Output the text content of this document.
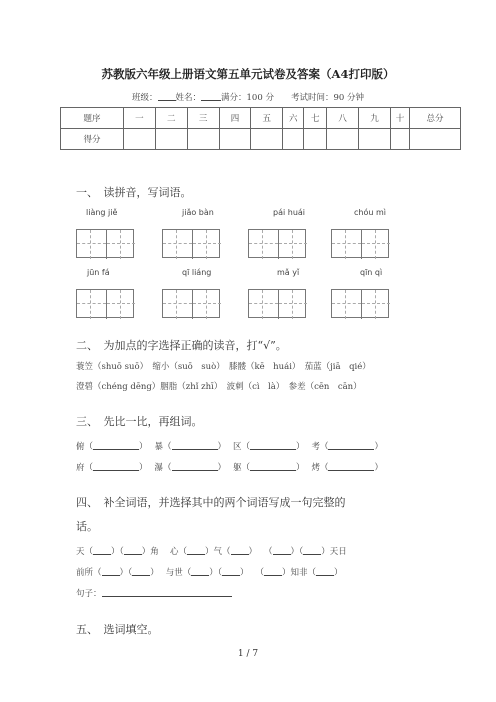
苏教版六年级上册语文第五单元试卷及答案（A4打印版）
班级： 姓名： 满分：100 分　　 考试时间：90 分钟
题序	一	二	三	四	五	六	七	八	九	十	总分
得分											
一、　读拼音，写词语。
liàng jiě	jiǎo bàn	pái huái	chóu mì
jūn fá	qī liáng	mǎ yǐ	qīn qì
二、　为加点的字选择正确的读音，打“√”。
蓑笠（shuō suō）　缩小（suō　suò）　膝髅（kē　huái）　茄蓝（jiā　qié）
澄碧（chéng dēng）胭脂（zhǐ zhī）　波刺（cì　là）　参差（cēn　cān）
三、　先比一比，再组词。
俯（	）　 暴（	）　 区（	）　 考（	）
府（	）　 瀑（	）　 躯（	）　 烤（	）
四、　补全词语，并选择其中的两个词语写成一句完整的
话。
天（ ）（ ）角　 心（ ）气（ ）　 （ ）（ ）天日
前所（ ）（ ）　 与世（ ）（ ）　 （ ）知非（ ）
句子：
五、　选词填空。
1 / 7
